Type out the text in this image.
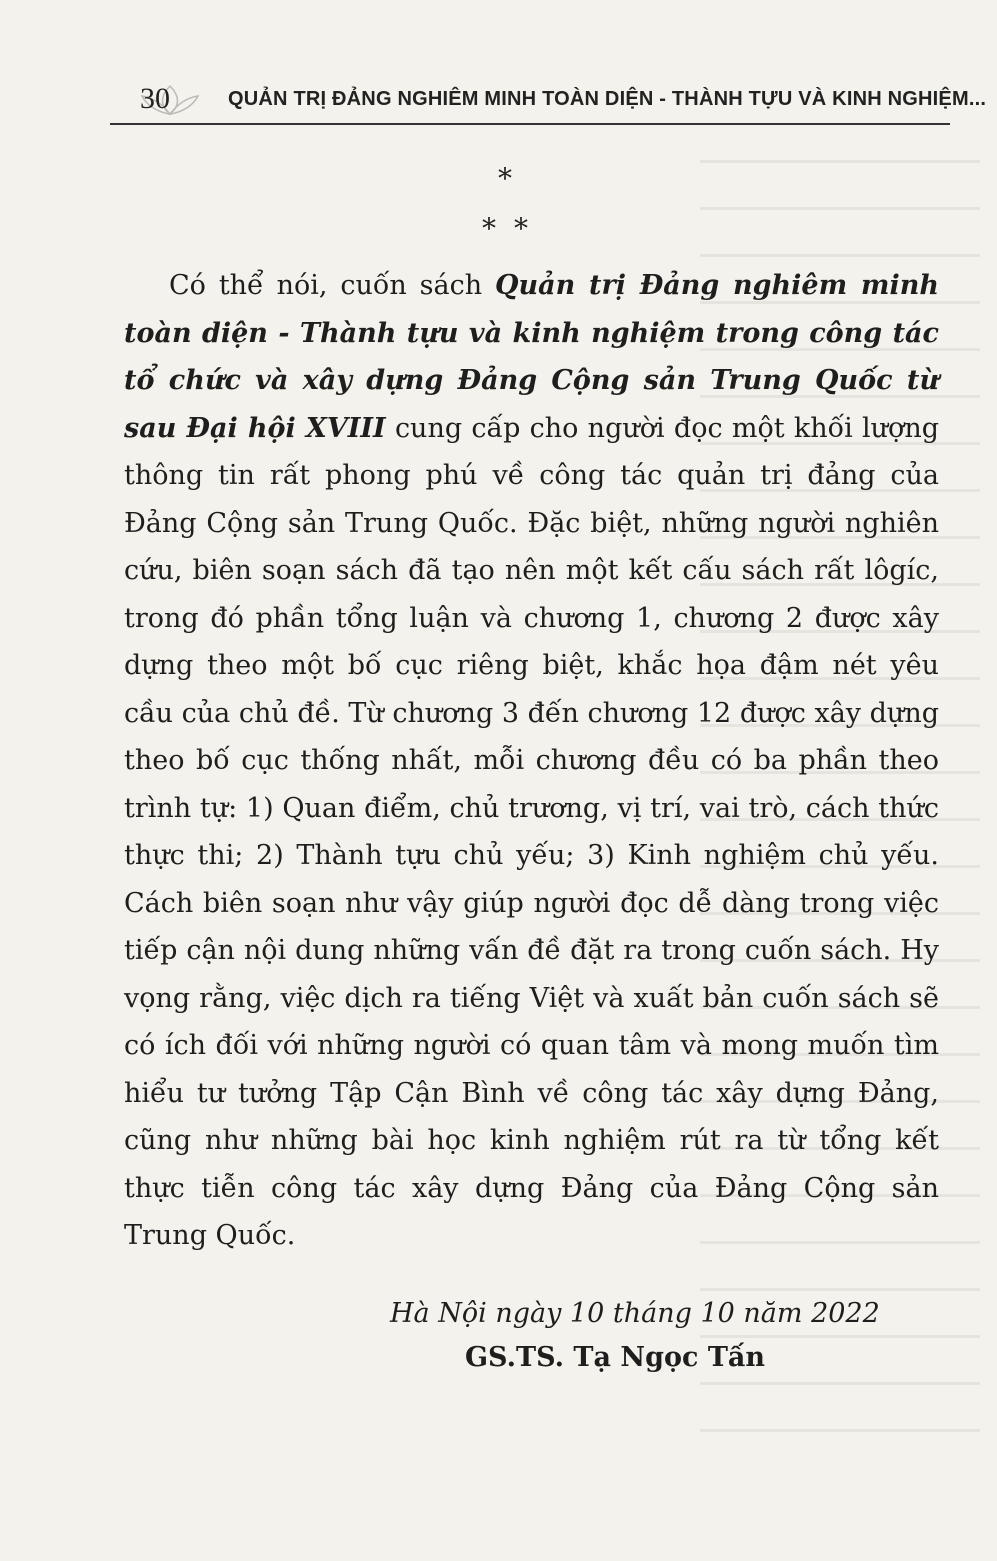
30	QUẢN TRỊ ĐẢNG NGHIÊM MINH TOÀN DIỆN - THÀNH TỰU VÀ KINH NGHIỆM...
*
* *

Có thể nói, cuốn sách Quản trị Đảng nghiêm minh toàn diện - Thành tựu và kinh nghiệm trong công tác tổ chức và xây dựng Đảng Cộng sản Trung Quốc từ sau Đại hội XVIII cung cấp cho người đọc một khối lượng thông tin rất phong phú về công tác quản trị đảng của Đảng Cộng sản Trung Quốc. Đặc biệt, những người nghiên cứu, biên soạn sách đã tạo nên một kết cấu sách rất lôgíc, trong đó phần tổng luận và chương 1, chương 2 được xây dựng theo một bố cục riêng biệt, khắc họa đậm nét yêu cầu của chủ đề. Từ chương 3 đến chương 12 được xây dựng theo bố cục thống nhất, mỗi chương đều có ba phần theo trình tự: 1) Quan điểm, chủ trương, vị trí, vai trò, cách thức thực thi; 2) Thành tựu chủ yếu; 3) Kinh nghiệm chủ yếu. Cách biên soạn như vậy giúp người đọc dễ dàng trong việc tiếp cận nội dung những vấn đề đặt ra trong cuốn sách. Hy vọng rằng, việc dịch ra tiếng Việt và xuất bản cuốn sách sẽ có ích đối với những người có quan tâm và mong muốn tìm hiểu tư tưởng Tập Cận Bình về công tác xây dựng Đảng, cũng như những bài học kinh nghiệm rút ra từ tổng kết thực tiễn công tác xây dựng Đảng của Đảng Cộng sản Trung Quốc.

Hà Nội ngày 10 tháng 10 năm 2022
GS.TS. Tạ Ngọc Tấn
